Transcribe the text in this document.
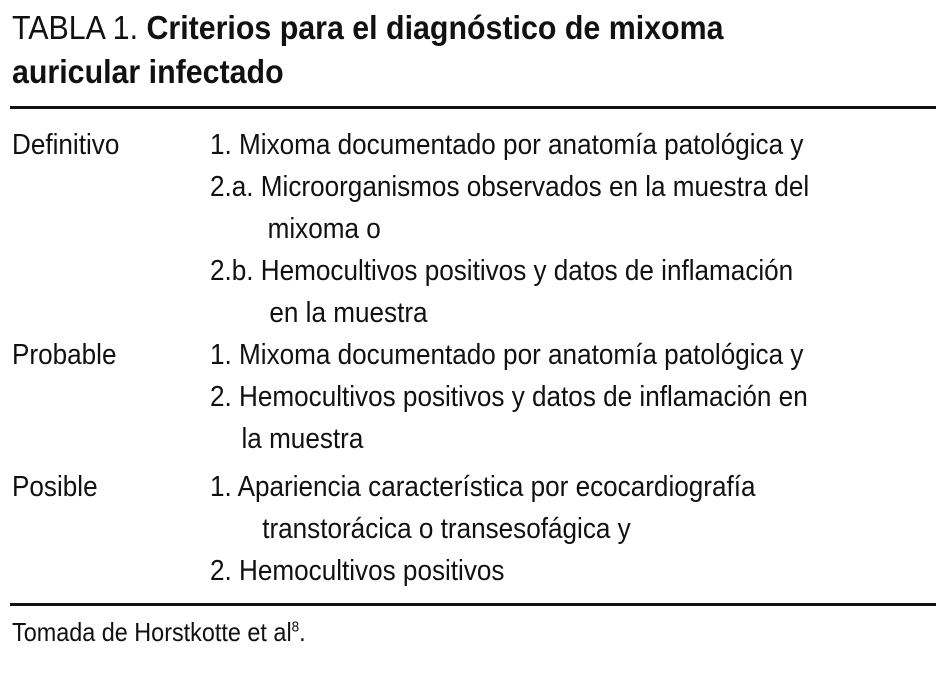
TABLA 1. Criterios para el diagnóstico de mixoma
auricular infectado
Definitivo	1. Mixoma documentado por anatomía patológica y
2.a. Microorganismos observados en la muestra del
mixoma o
2.b. Hemocultivos positivos y datos de inflamación
en la muestra
Probable	1. Mixoma documentado por anatomía patológica y
2. Hemocultivos positivos y datos de inflamación en
la muestra
Posible	1. Apariencia característica por ecocardiografía
transtorácica o transesofágica y
2. Hemocultivos positivos
Tomada de Horstkotte et $al^8$.
